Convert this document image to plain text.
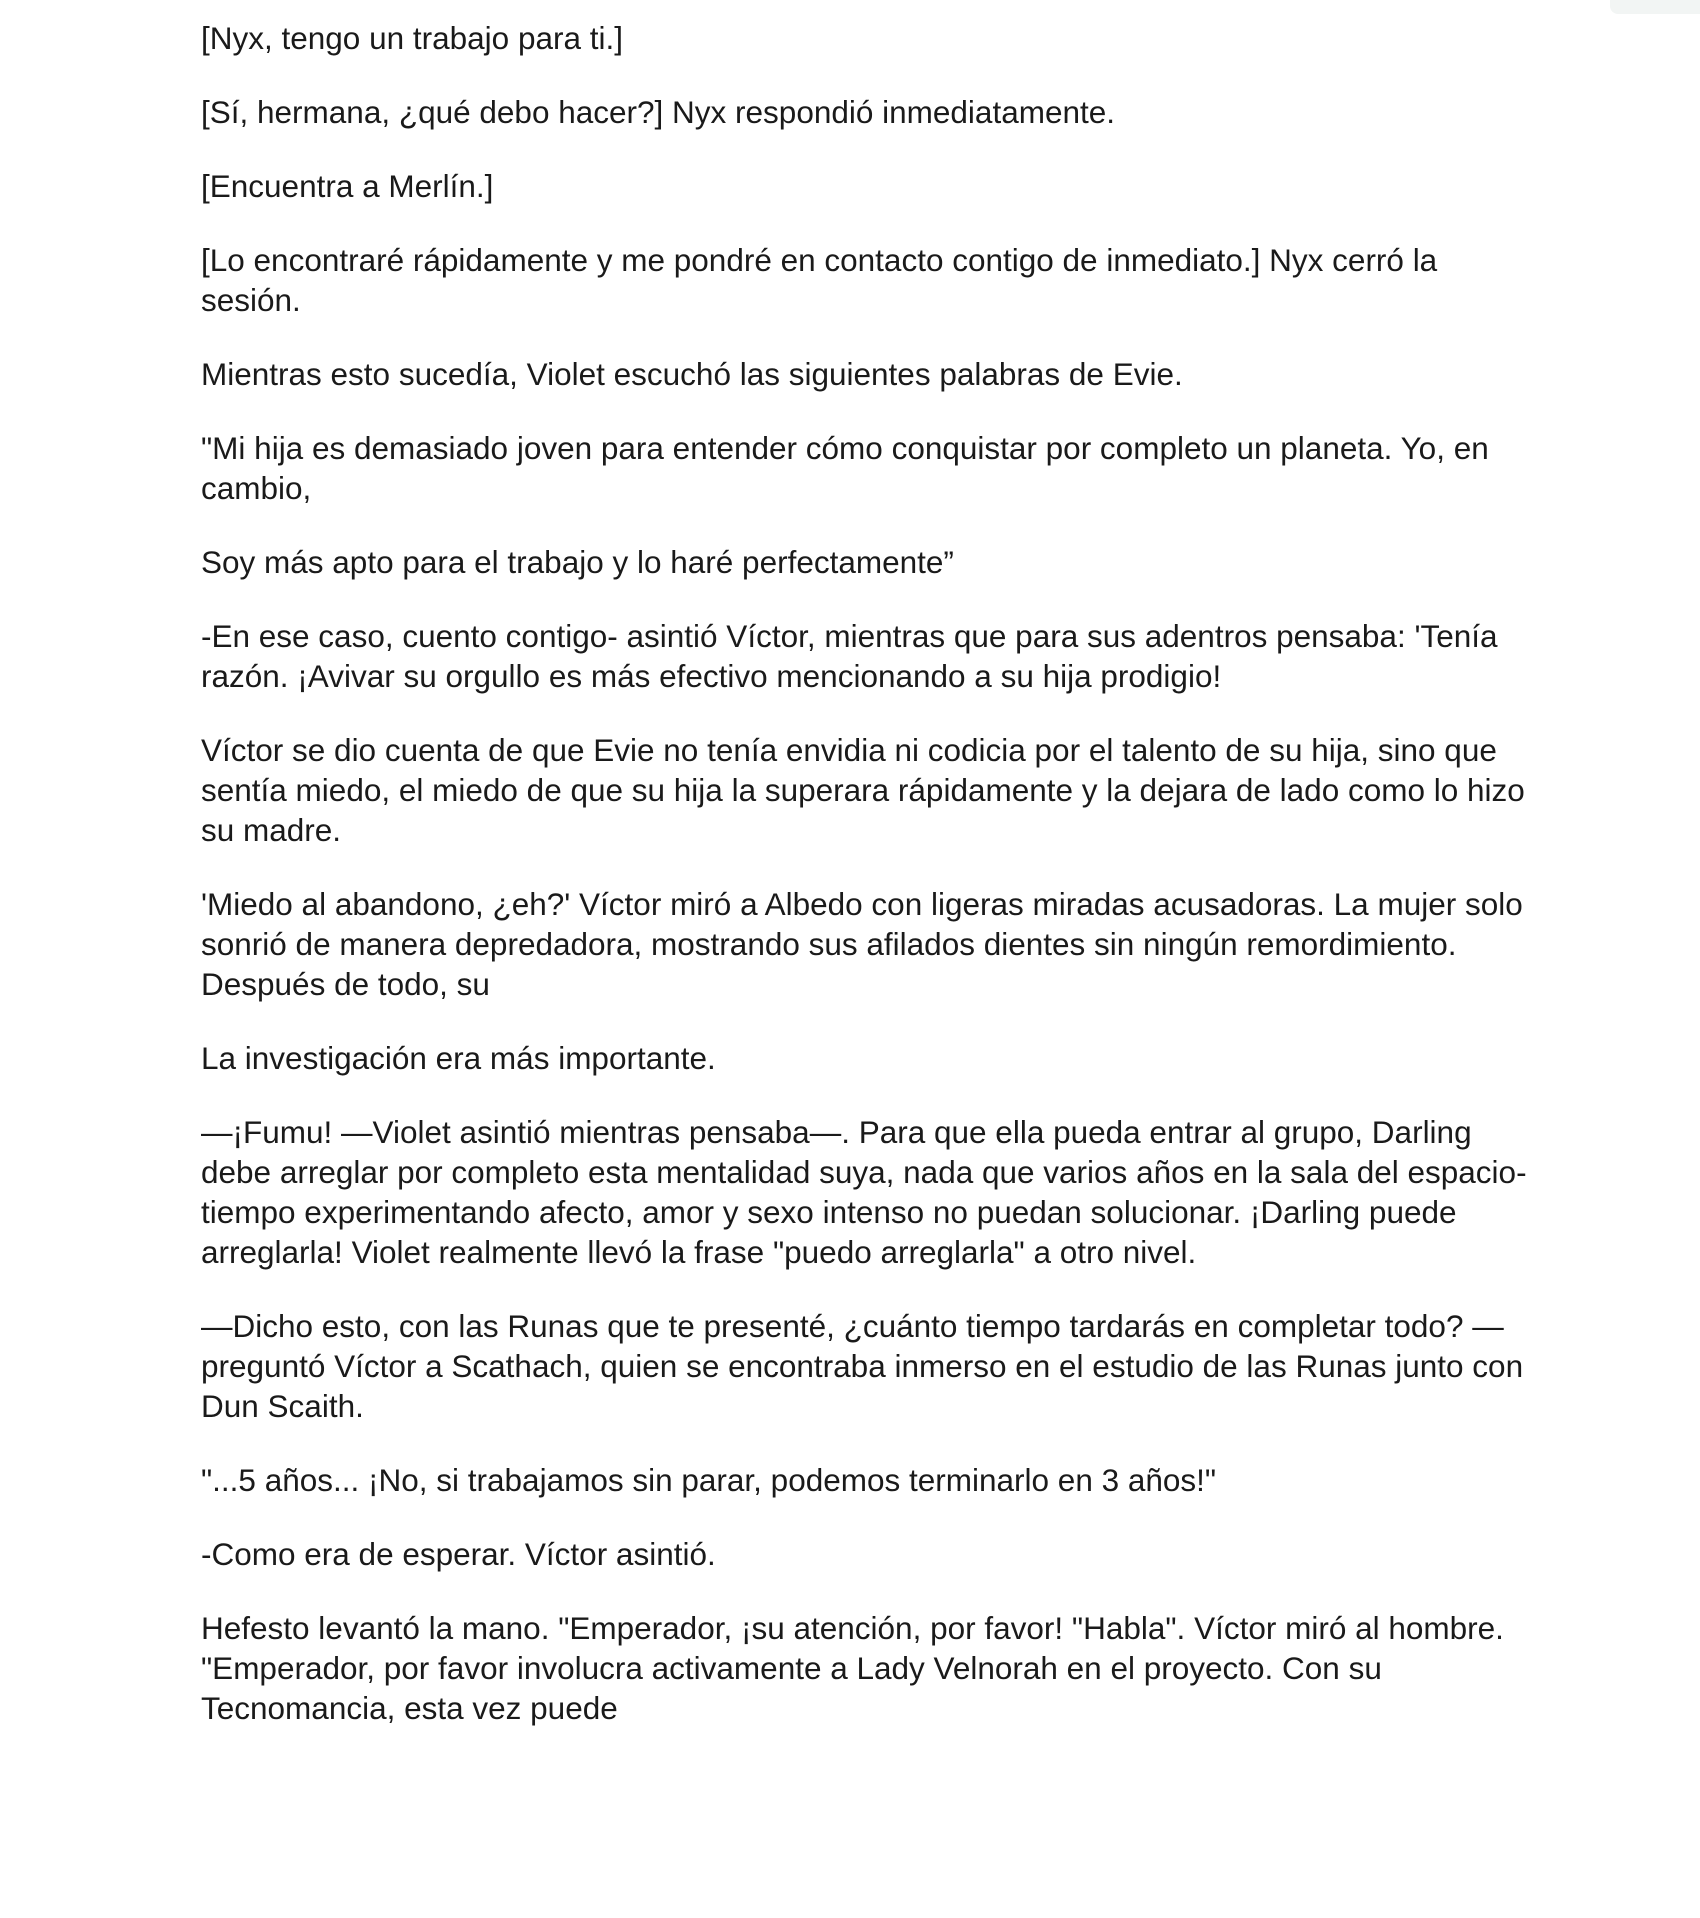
[Nyx, tengo un trabajo para ti.]

[Sí, hermana, ¿qué debo hacer?] Nyx respondió inmediatamente.

[Encuentra a Merlín.]

[Lo encontraré rápidamente y me pondré en contacto contigo de inmediato.] Nyx cerró la sesión.

Mientras esto sucedía, Violet escuchó las siguientes palabras de Evie.

"Mi hija es demasiado joven para entender cómo conquistar por completo un planeta. Yo, en cambio,

Soy más apto para el trabajo y lo haré perfectamente”

-En ese caso, cuento contigo- asintió Víctor, mientras que para sus adentros pensaba: 'Tenía razón. ¡Avivar su orgullo es más efectivo mencionando a su hija prodigio!

Víctor se dio cuenta de que Evie no tenía envidia ni codicia por el talento de su hija, sino que sentía miedo, el miedo de que su hija la superara rápidamente y la dejara de lado como lo hizo su madre.

'Miedo al abandono, ¿eh?' Víctor miró a Albedo con ligeras miradas acusadoras. La mujer solo sonrió de manera depredadora, mostrando sus afilados dientes sin ningún remordimiento. Después de todo, su

La investigación era más importante.

—¡Fumu! —Violet asintió mientras pensaba—. Para que ella pueda entrar al grupo, Darling debe arreglar por completo esta mentalidad suya, nada que varios años en la sala del espacio-tiempo experimentando afecto, amor y sexo intenso no puedan solucionar. ¡Darling puede arreglarla! Violet realmente llevó la frase "puedo arreglarla" a otro nivel.

—Dicho esto, con las Runas que te presenté, ¿cuánto tiempo tardarás en completar todo? —preguntó Víctor a Scathach, quien se encontraba inmerso en el estudio de las Runas junto con Dun Scaith.

"...5 años... ¡No, si trabajamos sin parar, podemos terminarlo en 3 años!"

-Como era de esperar. Víctor asintió.

Hefesto levantó la mano. "Emperador, ¡su atención, por favor! "Habla". Víctor miró al hombre. "Emperador, por favor involucra activamente a Lady Velnorah en el proyecto. Con su Tecnomancia, esta vez puede
